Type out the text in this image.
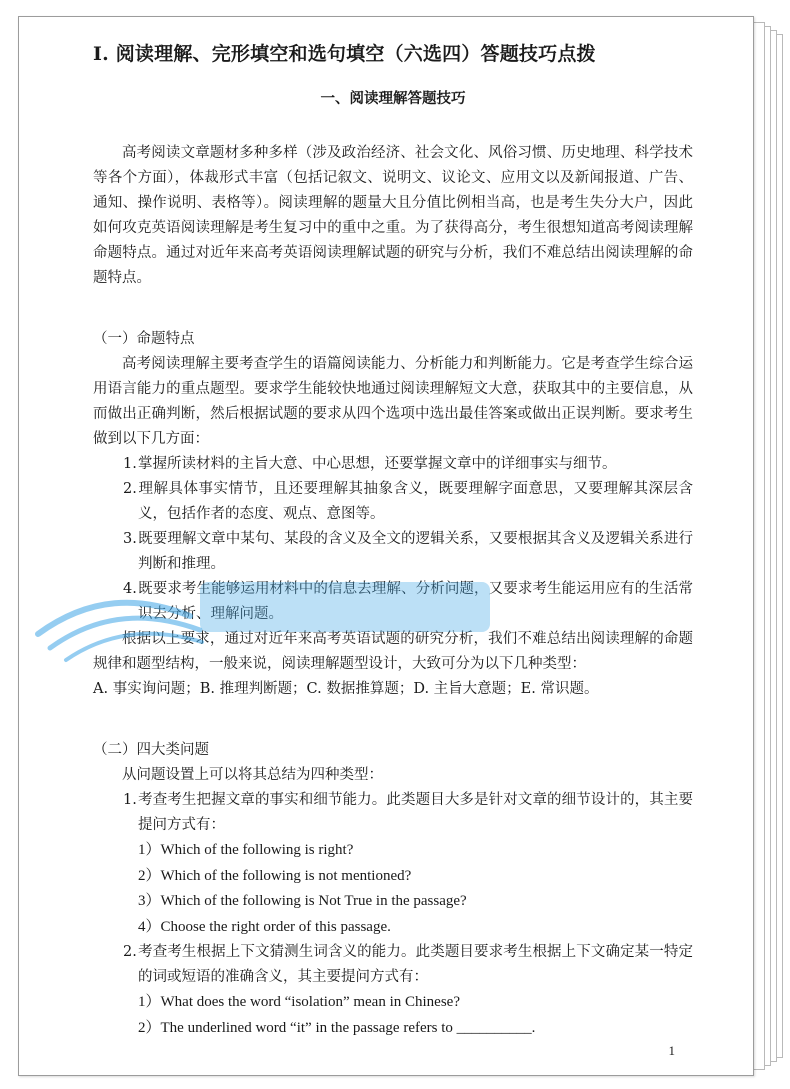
I. 阅读理解、完形填空和选句填空（六选四）答题技巧点拨
一、阅读理解答题技巧

高考阅读文章题材多种多样（涉及政治经济、社会文化、风俗习惯、历史地理、科学技术等各个方面），体裁形式丰富（包括记叙文、说明文、议论文、应用文以及新闻报道、广告、通知、操作说明、表格等）。阅读理解的题量大且分值比例相当高，也是考生失分大户，因此如何攻克英语阅读理解是考生复习中的重中之重。为了获得高分，考生很想知道高考阅读理解命题特点。通过对近年来高考英语阅读理解试题的研究与分析，我们不难总结出阅读理解的命题特点。

（一）命题特点

高考阅读理解主要考查学生的语篇阅读能力、分析能力和判断能力。它是考查学生综合运用语言能力的重点题型。要求学生能较快地通过阅读理解短文大意，获取其中的主要信息，从而做出正确判断，然后根据试题的要求从四个选项中选出最佳答案或做出正误判断。要求考生做到以下几方面：

1.掌握所读材料的主旨大意、中心思想，还要掌握文章中的详细事实与细节。
2.理解具体事实情节，且还要理解其抽象含义，既要理解字面意思，又要理解其深层含义，包括作者的态度、观点、意图等。
3.既要理解文章中某句、某段的含义及全文的逻辑关系，又要根据其含义及逻辑关系进行判断和推理。
4.既要求考生能够运用材料中的信息去理解、分析问题，又要求考生能运用应有的生活常识去分析、理解问题。

根据以上要求，通过对近年来高考英语试题的研究分析，我们不难总结出阅读理解的命题规律和题型结构，一般来说，阅读理解题型设计，大致可分为以下几种类型：

A. 事实询问题；B. 推理判断题；C. 数据推算题；D. 主旨大意题；E. 常识题。

（二）四大类问题

从问题设置上可以将其总结为四种类型：

1.考查考生把握文章的事实和细节能力。此类题目大多是针对文章的细节设计的，其主要提问方式有：
1）Which of the following is right?
2）Which of the following is not mentioned?
3）Which of the following is Not True in the passage?
4）Choose the right order of this passage.
2.考查考生根据上下文猜测生词含义的能力。此类题目要求考生根据上下文确定某一特定的词或短语的准确含义，其主要提问方式有：
1）What does the word “isolation” mean in Chinese?
2）The underlined word “it” in the passage refers to __________.
1
